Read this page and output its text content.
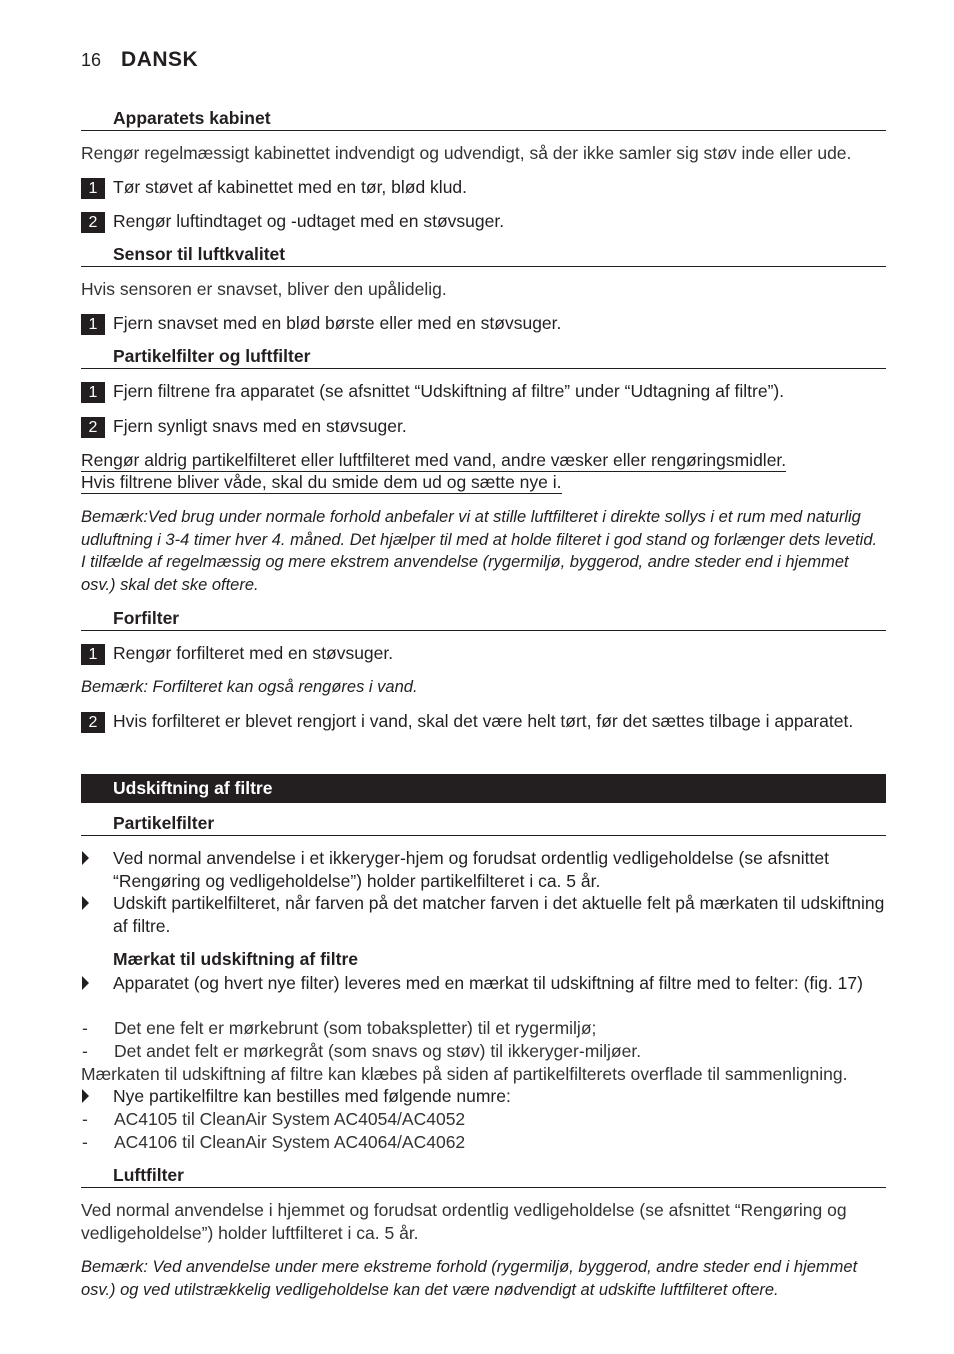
16 DANSK
Apparatets kabinet
Rengør regelmæssigt kabinettet indvendigt og udvendigt, så der ikke samler sig støv inde eller ude.
1 Tør støvet af kabinettet med en tør, blød klud.
2 Rengør luftindtaget og -udtaget med en støvsuger.
Sensor til luftkvalitet
Hvis sensoren er snavset, bliver den upålidelig.
1 Fjern snavset med en blød børste eller med en støvsuger.
Partikelfilter og luftfilter
1 Fjern filtrene fra apparatet (se afsnittet “Udskiftning af filtre” under “Udtagning af filtre”).
2 Fjern synligt snavs med en støvsuger.
Rengør aldrig partikelfilteret eller luftfilteret med vand, andre væsker eller rengøringsmidler.
Hvis filtrene bliver våde, skal du smide dem ud og sætte nye i.
Bemærk:Ved brug under normale forhold anbefaler vi at stille luftfilteret i direkte sollys i et rum med naturlig udluftning i 3-4 timer hver 4. måned. Det hjælper til med at holde filteret i god stand og forlænger dets levetid. I tilfælde af regelmæssig og mere ekstrem anvendelse (rygermiljø, byggerod, andre steder end i hjemmet osv.) skal det ske oftere.
Forfilter
1 Rengør forfilteret med en støvsuger.
Bemærk: Forfilteret kan også rengøres i vand.
2 Hvis forfilteret er blevet rengjort i vand, skal det være helt tørt, før det sættes tilbage i apparatet.
Udskiftning af filtre
Partikelfilter
Ved normal anvendelse i et ikkeryger-hjem og forudsat ordentlig vedligeholdelse (se afsnittet “Rengøring og vedligeholdelse”) holder partikelfilteret i ca. 5 år.
Udskift partikelfilteret, når farven på det matcher farven i det aktuelle felt på mærkaten til udskiftning af filtre.
Mærkat til udskiftning af filtre
Apparatet (og hvert nye filter) leveres med en mærkat til udskiftning af filtre med to felter: (fig. 17)
-	Det ene felt er mørkebrunt (som tobakspletter) til et rygermiljø;
-	Det andet felt er mørkegråt (som snavs og støv) til ikkeryger-miljøer.
Mærkaten til udskiftning af filtre kan klæbes på siden af partikelfilterets overflade til sammenligning.
Nye partikelfiltre kan bestilles med følgende numre:
-	AC4105 til CleanAir System AC4054/AC4052
-	AC4106 til CleanAir System AC4064/AC4062
Luftfilter
Ved normal anvendelse i hjemmet og forudsat ordentlig vedligeholdelse (se afsnittet “Rengøring og vedligeholdelse”) holder luftfilteret i ca. 5 år.
Bemærk: Ved anvendelse under mere ekstreme forhold (rygermiljø, byggerod, andre steder end i hjemmet osv.) og ved utilstrækkelig vedligeholdelse kan det være nødvendigt at udskifte luftfilteret oftere.
